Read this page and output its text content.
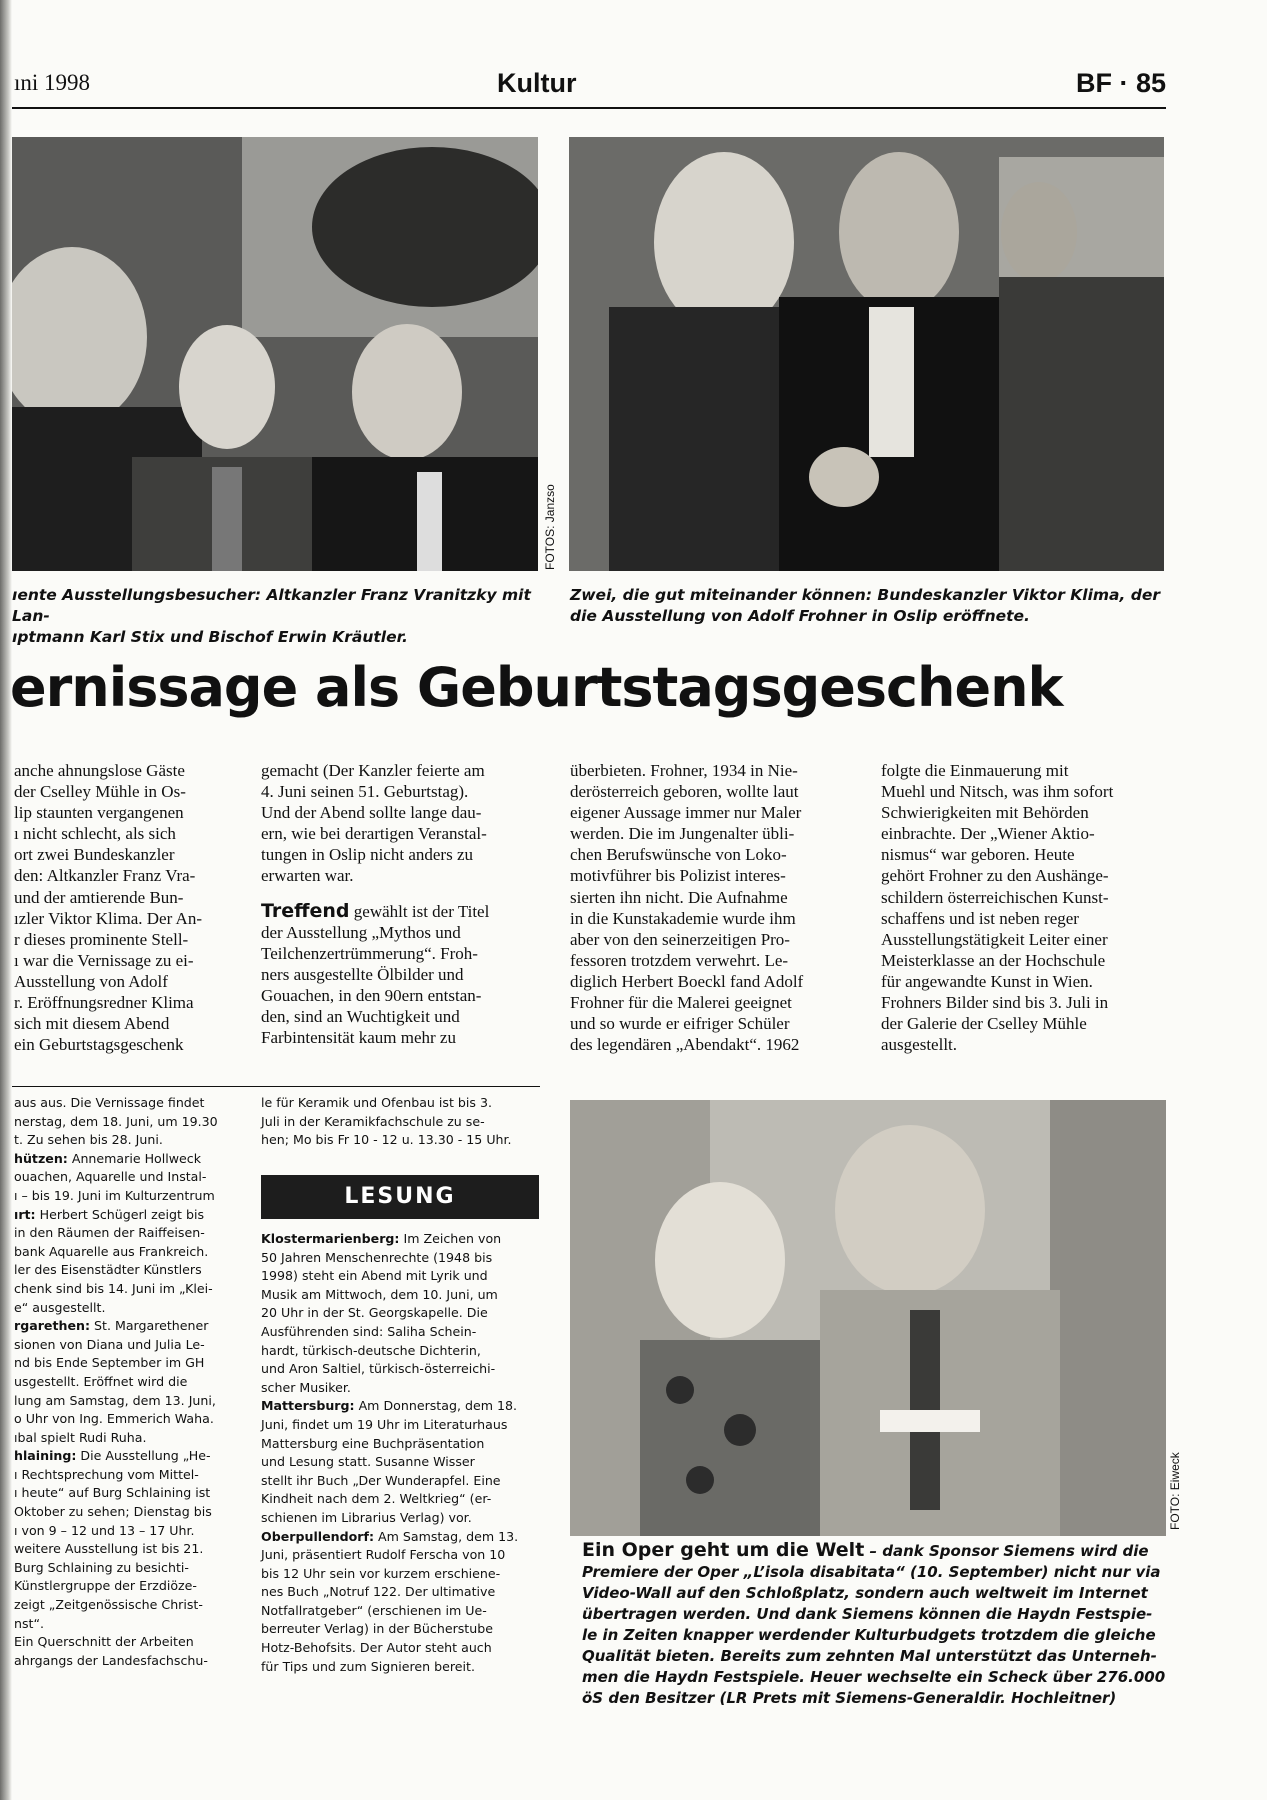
ıni 1998	Kultur	BF · 85
FOTOS: Janzso
ıente Ausstellungsbesucher: Altkanzler Franz Vranitzky mit Lan-
ıptmann Karl Stix und Bischof Erwin Kräutler.
Zwei, die gut miteinander können: Bundeskanzler Viktor Klima, der
die Ausstellung von Adolf Frohner in Oslip eröffnete.
ernissage als Geburtstagsgeschenk

anche ahnungslose Gäste

der Cselley Mühle in Os-

lip staunten vergangenen

ı nicht schlecht, als sich

ort zwei Bundeskanzler

den: Altkanzler Franz Vra-

und der amtierende Bun-

ızler Viktor Klima. Der An-

r dieses prominente Stell-

ı war die Vernissage zu ei-

Ausstellung von Adolf

r. Eröffnungsredner Klima

sich mit diesem Abend

ein Geburtstagsgeschenk

gemacht (Der Kanzler feierte am

4. Juni seinen 51. Geburtstag).

Und der Abend sollte lange dau-

ern, wie bei derartigen Veranstal-

tungen in Oslip nicht anders zu

erwarten war.

Treffend gewählt ist der Titel

der Ausstellung „Mythos und

Teilchenzertrümmerung“. Froh-

ners ausgestellte Ölbilder und

Gouachen, in den 90ern entstan-

den, sind an Wuchtigkeit und

Farbintensität kaum mehr zu

überbieten. Frohner, 1934 in Nie-

derösterreich geboren, wollte laut

eigener Aussage immer nur Maler

werden. Die im Jungenalter übli-

chen Berufswünsche von Loko-

motivführer bis Polizist interes-

sierten ihn nicht. Die Aufnahme

in die Kunstakademie wurde ihm

aber von den seinerzeitigen Pro-

fessoren trotzdem verwehrt. Le-

diglich Herbert Boeckl fand Adolf

Frohner für die Malerei geeignet

und so wurde er eifriger Schüler

des legendären „Abendakt“. 1962

folgte die Einmauerung mit

Muehl und Nitsch, was ihm sofort

Schwierigkeiten mit Behörden

einbrachte. Der „Wiener Aktio-

nismus“ war geboren. Heute

gehört Frohner zu den Aushänge-

schildern österreichischen Kunst-

schaffens und ist neben reger

Ausstellungstätigkeit Leiter einer

Meisterklasse an der Hochschule

für angewandte Kunst in Wien.

Frohners Bilder sind bis 3. Juli in

der Galerie der Cselley Mühle

ausgestellt.

aus aus. Die Vernissage findet

nerstag, dem 18. Juni, um 19.30

t. Zu sehen bis 28. Juni.

hützen: Annemarie Hollweck

ouachen, Aquarelle und Instal-

ı – bis 19. Juni im Kulturzentrum

ırt: Herbert Schügerl zeigt bis

in den Räumen der Raiffeisen-

bank Aquarelle aus Frankreich.

ler des Eisenstädter Künstlers

chenk sind bis 14. Juni im „Klei-

e“ ausgestellt.

rgarethen: St. Margarethener

sionen von Diana und Julia Le-

nd bis Ende September im GH

usgestellt. Eröffnet wird die

lung am Samstag, dem 13. Juni,

o Uhr von Ing. Emmerich Waha.

ıbal spielt Rudi Ruha.

hlaining: Die Ausstellung „He-

ı Rechtsprechung vom Mittel-

ı heute“ auf Burg Schlaining ist

Oktober zu sehen; Dienstag bis

ı von 9 – 12 und 13 – 17 Uhr.

weitere Ausstellung ist bis 21.

Burg Schlaining zu besichti-

Künstlergruppe der Erzdiöze-

zeigt „Zeitgenössische Christ-

nst“.

Ein Querschnitt der Arbeiten

ahrgangs der Landesfachschu-

le für Keramik und Ofenbau ist bis 3.

Juli in der Keramikfachschule zu se-

hen; Mo bis Fr 10 - 12 u. 13.30 - 15 Uhr.

LESUNG

Klostermarienberg: Im Zeichen von

50 Jahren Menschenrechte (1948 bis

1998) steht ein Abend mit Lyrik und

Musik am Mittwoch, dem 10. Juni, um

20 Uhr in der St. Georgskapelle. Die

Ausführenden sind: Saliha Schein-

hardt, türkisch-deutsche Dichterin,

und Aron Saltiel, türkisch-österreichi-

scher Musiker.

Mattersburg: Am Donnerstag, dem 18.

Juni, findet um 19 Uhr im Literaturhaus

Mattersburg eine Buchpräsentation

und Lesung statt. Susanne Wisser

stellt ihr Buch „Der Wunderapfel. Eine

Kindheit nach dem 2. Weltkrieg“ (er-

schienen im Librarius Verlag) vor.

Oberpullendorf: Am Samstag, dem 13.

Juni, präsentiert Rudolf Ferscha von 10

bis 12 Uhr sein vor kurzem erschiene-

nes Buch „Notruf 122. Der ultimative

Notfallratgeber“ (erschienen im Ue-

berreuter Verlag) in der Bücherstube

Hotz-Behofsits. Der Autor steht auch

für Tips und zum Signieren bereit.

FOTO: Eiweck
Ein Oper geht um die Welt – dank Sponsor Siemens wird die
Premiere der Oper „L’isola disabitata“ (10. September) nicht nur via
Video-Wall auf den Schloßplatz, sondern auch weltweit im Internet
übertragen werden. Und dank Siemens können die Haydn Festspie-
le in Zeiten knapper werdender Kulturbudgets trotzdem die gleiche
Qualität bieten. Bereits zum zehnten Mal unterstützt das Unterneh-
men die Haydn Festspiele. Heuer wechselte ein Scheck über 276.000
öS den Besitzer (LR Prets mit Siemens-Generaldir. Hochleitner)
